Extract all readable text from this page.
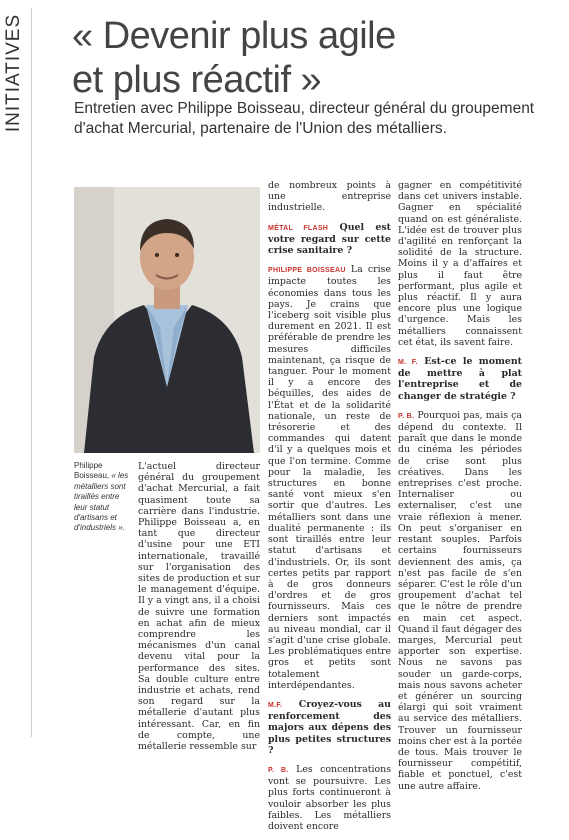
INITIATIVES « Devenir plus agile
et plus réactif »

Entretien avec Philippe Boisseau, directeur général du groupement d'achat Mercurial, partenaire de l'Union des métalliers.

Philippe Boisseau, « les métalliers sont tiraillés entre leur statut d'artisans et d'industriels ».

L'actuel directeur général du groupement d'achat Mercurial, a fait quasiment toute sa carrière dans l'industrie. Philippe Boisseau a, en tant que directeur d'usine pour une ETI internationale, travaillé sur l'organisation des sites de production et sur le management d'équipe. Il y a vingt ans, il a choisi de suivre une formation en achat afin de mieux comprendre les mécanismes d'un canal devenu vital pour la performance des sites. Sa double culture entre industrie et achats, rend son regard sur la métallerie d'autant plus intéressant. Car, en fin de compte, une métallerie ressemble sur

de nombreux points à une entreprise industrielle.

MÉTAL FLASH Quel est votre regard sur cette crise sanitaire ?

PHILIPPE BOISSEAU La crise impacte toutes les économies dans tous les pays. Je crains que l'iceberg soit visible plus durement en 2021. Il est préférable de prendre les mesures difficiles maintenant, ça risque de tanguer. Pour le moment il y a encore des béquilles, des aides de l'État et de la solidarité nationale, un reste de trésorerie et des commandes qui datent d'il y a quelques mois et que l'on termine. Comme pour la maladie, les structures en bonne santé vont mieux s'en sortir que d'autres. Les métalliers sont dans une dualité permanente : ils sont tiraillés entre leur statut d'artisans et d'industriels. Or, ils sont certes petits par rapport à de gros donneurs d'ordres et de gros fournisseurs. Mais ces derniers sont impactés au niveau mondial, car il s'agit d'une crise globale. Les problématiques entre gros et petits sont totalement interdépendantes.

M.F. Croyez-vous au renforcement des majors aux dépens des plus petites structures ?

P. B. Les concentrations vont se poursuivre. Les plus forts continueront à vouloir absorber les plus faibles. Les métalliers doivent encore

gagner en compétitivité dans cet univers instable. Gagner en spécialité quand on est généraliste. L'idée est de trouver plus d'agilité en renforçant la solidité de la structure. Moins il y a d'affaires et plus il faut être performant, plus agile et plus réactif. Il y aura encore plus une logique d'urgence. Mais les métalliers connaissent cet état, ils savent faire.

M. F. Est-ce le moment de mettre à plat l'entreprise et de changer de stratégie ?

P. B. Pourquoi pas, mais ça dépend du contexte. Il paraît que dans le monde du cinéma les périodes de crise sont plus créatives. Dans les entreprises c'est proche. Internaliser ou externaliser, c'est une vraie réflexion à mener. On peut s'organiser en restant souples. Parfois certains fournisseurs deviennent des amis, ça n'est pas facile de s'en séparer. C'est le rôle d'un groupement d'achat tel que le nôtre de prendre en main cet aspect. Quand il faut dégager des marges, Mercurial peut apporter son expertise. Nous ne savons pas souder un garde-corps, mais nous savons acheter et générer un sourcing élargi qui soit vraiment au service des métalliers. Trouver un fournisseur moins cher est à la portée de tous. Mais trouver le fournisseur compétitif, fiable et ponctuel, c'est une autre affaire.
